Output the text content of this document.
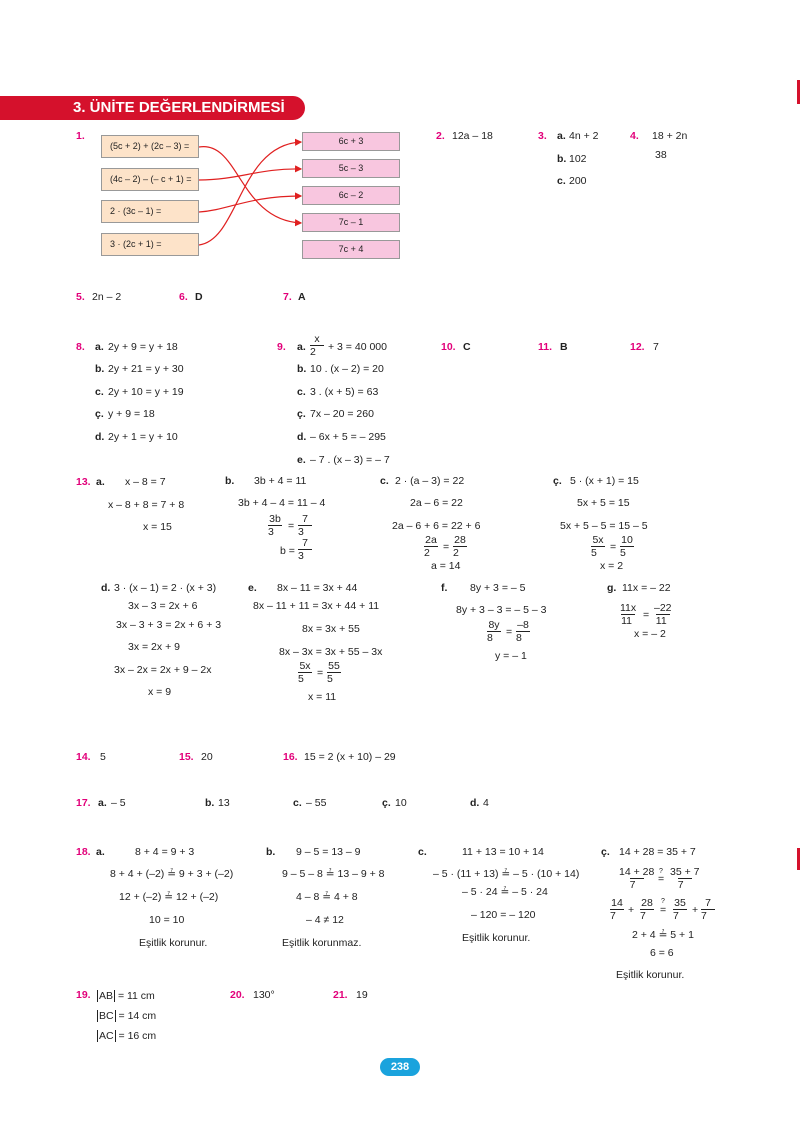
3. ÜNİTE DEĞERLENDİRMESİ
1.
(5c + 2) + (2c – 3) =
(4c – 2) – (– c + 1) =
2 · (3c – 1) =
3 · (2c + 1) =
6c + 3
5c – 3
6c – 2
7c – 1
7c + 4
2. 12a – 18	3. a. 4n + 2
b. 102
c. 200
4. 18 + 2n
38
5. 2n – 2	6. D	7. A
8. a. 2y + 9 = y + 18
b. 2y + 21 = y + 30
c. 2y + 10 = y + 19
ç. y + 9 = 18
d. 2y + 1 = y + 10
9. a. $\frac{x}{2} + 3 = 40$ 000
b. 10 . (x – 2) = 20
c. 3 . (x + 5) = 63
ç. 7x – 20 = 260
d. – 6x + 5 = – 295
e. – 7 . (x – 3) = – 7
10. C	11. B	12. 7
13. a. x – 8 = 7
x – 8 + 8 = 7 + 8
x = 15
b. 3b + 4 = 11
3b + 4 – 4 = 11 – 4
$\frac{3b}{3} = \frac{7}{3}$
$b = \frac{7}{3}$
c. 2 · (a – 3) = 22
2a – 6 = 22
2a – 6 + 6 = 22 + 6
$\frac{2a}{2} = \frac{28}{2}$
a = 14
ç. 5 · (x + 1) = 15
5x + 5 = 15
5x + 5 – 5 = 15 – 5
$\frac{5x}{5} = \frac{10}{5}$
x = 2
d. 3 · (x – 1) = 2 · (x + 3)
3x – 3 = 2x + 6
3x – 3 + 3 = 2x + 6 + 3
3x = 2x + 9
3x – 2x = 2x + 9 – 2x
x = 9
e. 8x – 11 = 3x + 44
8x – 11 + 11 = 3x + 44 + 11
8x = 3x + 55
8x – 3x = 3x + 55 – 3x
$\frac{5x}{5} = \frac{55}{5}$
x = 11
f. 8y + 3 = – 5
8y + 3 – 3 = – 5 – 3
$\frac{8y}{8} = \frac{-8}{8}$
y = – 1
g. 11x = – 22
$\frac{11x}{11} = \frac{-22}{11}$
x = – 2
14. 5	15. 20	16. 15 = 2 (x + 10) – 29
17. a. – 5	b. 13	c. – 55	ç. 10	d. 4
18. a.	8 + 4 = 9 + 3
8 + 4 + (–2) ≟ 9 + 3 + (–2)
12 + (–2) ≟ 12 + (–2)
10 = 10
Eşitlik korunur.
b. 9 – 5 = 13 – 9
9 – 5 – 8 ≟ 13 – 9 + 8
4 – 8 ≟ 4 + 8
– 4 ≠ 12
Eşitlik korunmaz.
c.	11 + 13 = 10 + 14
– 5 · (11 + 13) ≟ – 5 · (10 + 14)
– 5 · 24 ≟ – 5 · 24
– 120 = – 120
Eşitlik korunur.
ç. 14 + 28 = 35 + 7
$\frac{14 + 28}{7}$ ?
= $\frac{35 + 7}{7}$
$\frac{14}{7} + \frac{28}{7}$ ?
= $\frac{35}{7} + \frac{7}{7}$
2 + 4 ≟ 5 + 1
6 = 6
Eşitlik korunur.
19. AB = 11 cm
BC = 14 cm
AC = 16 cm
20. 130°	21. 19
238
